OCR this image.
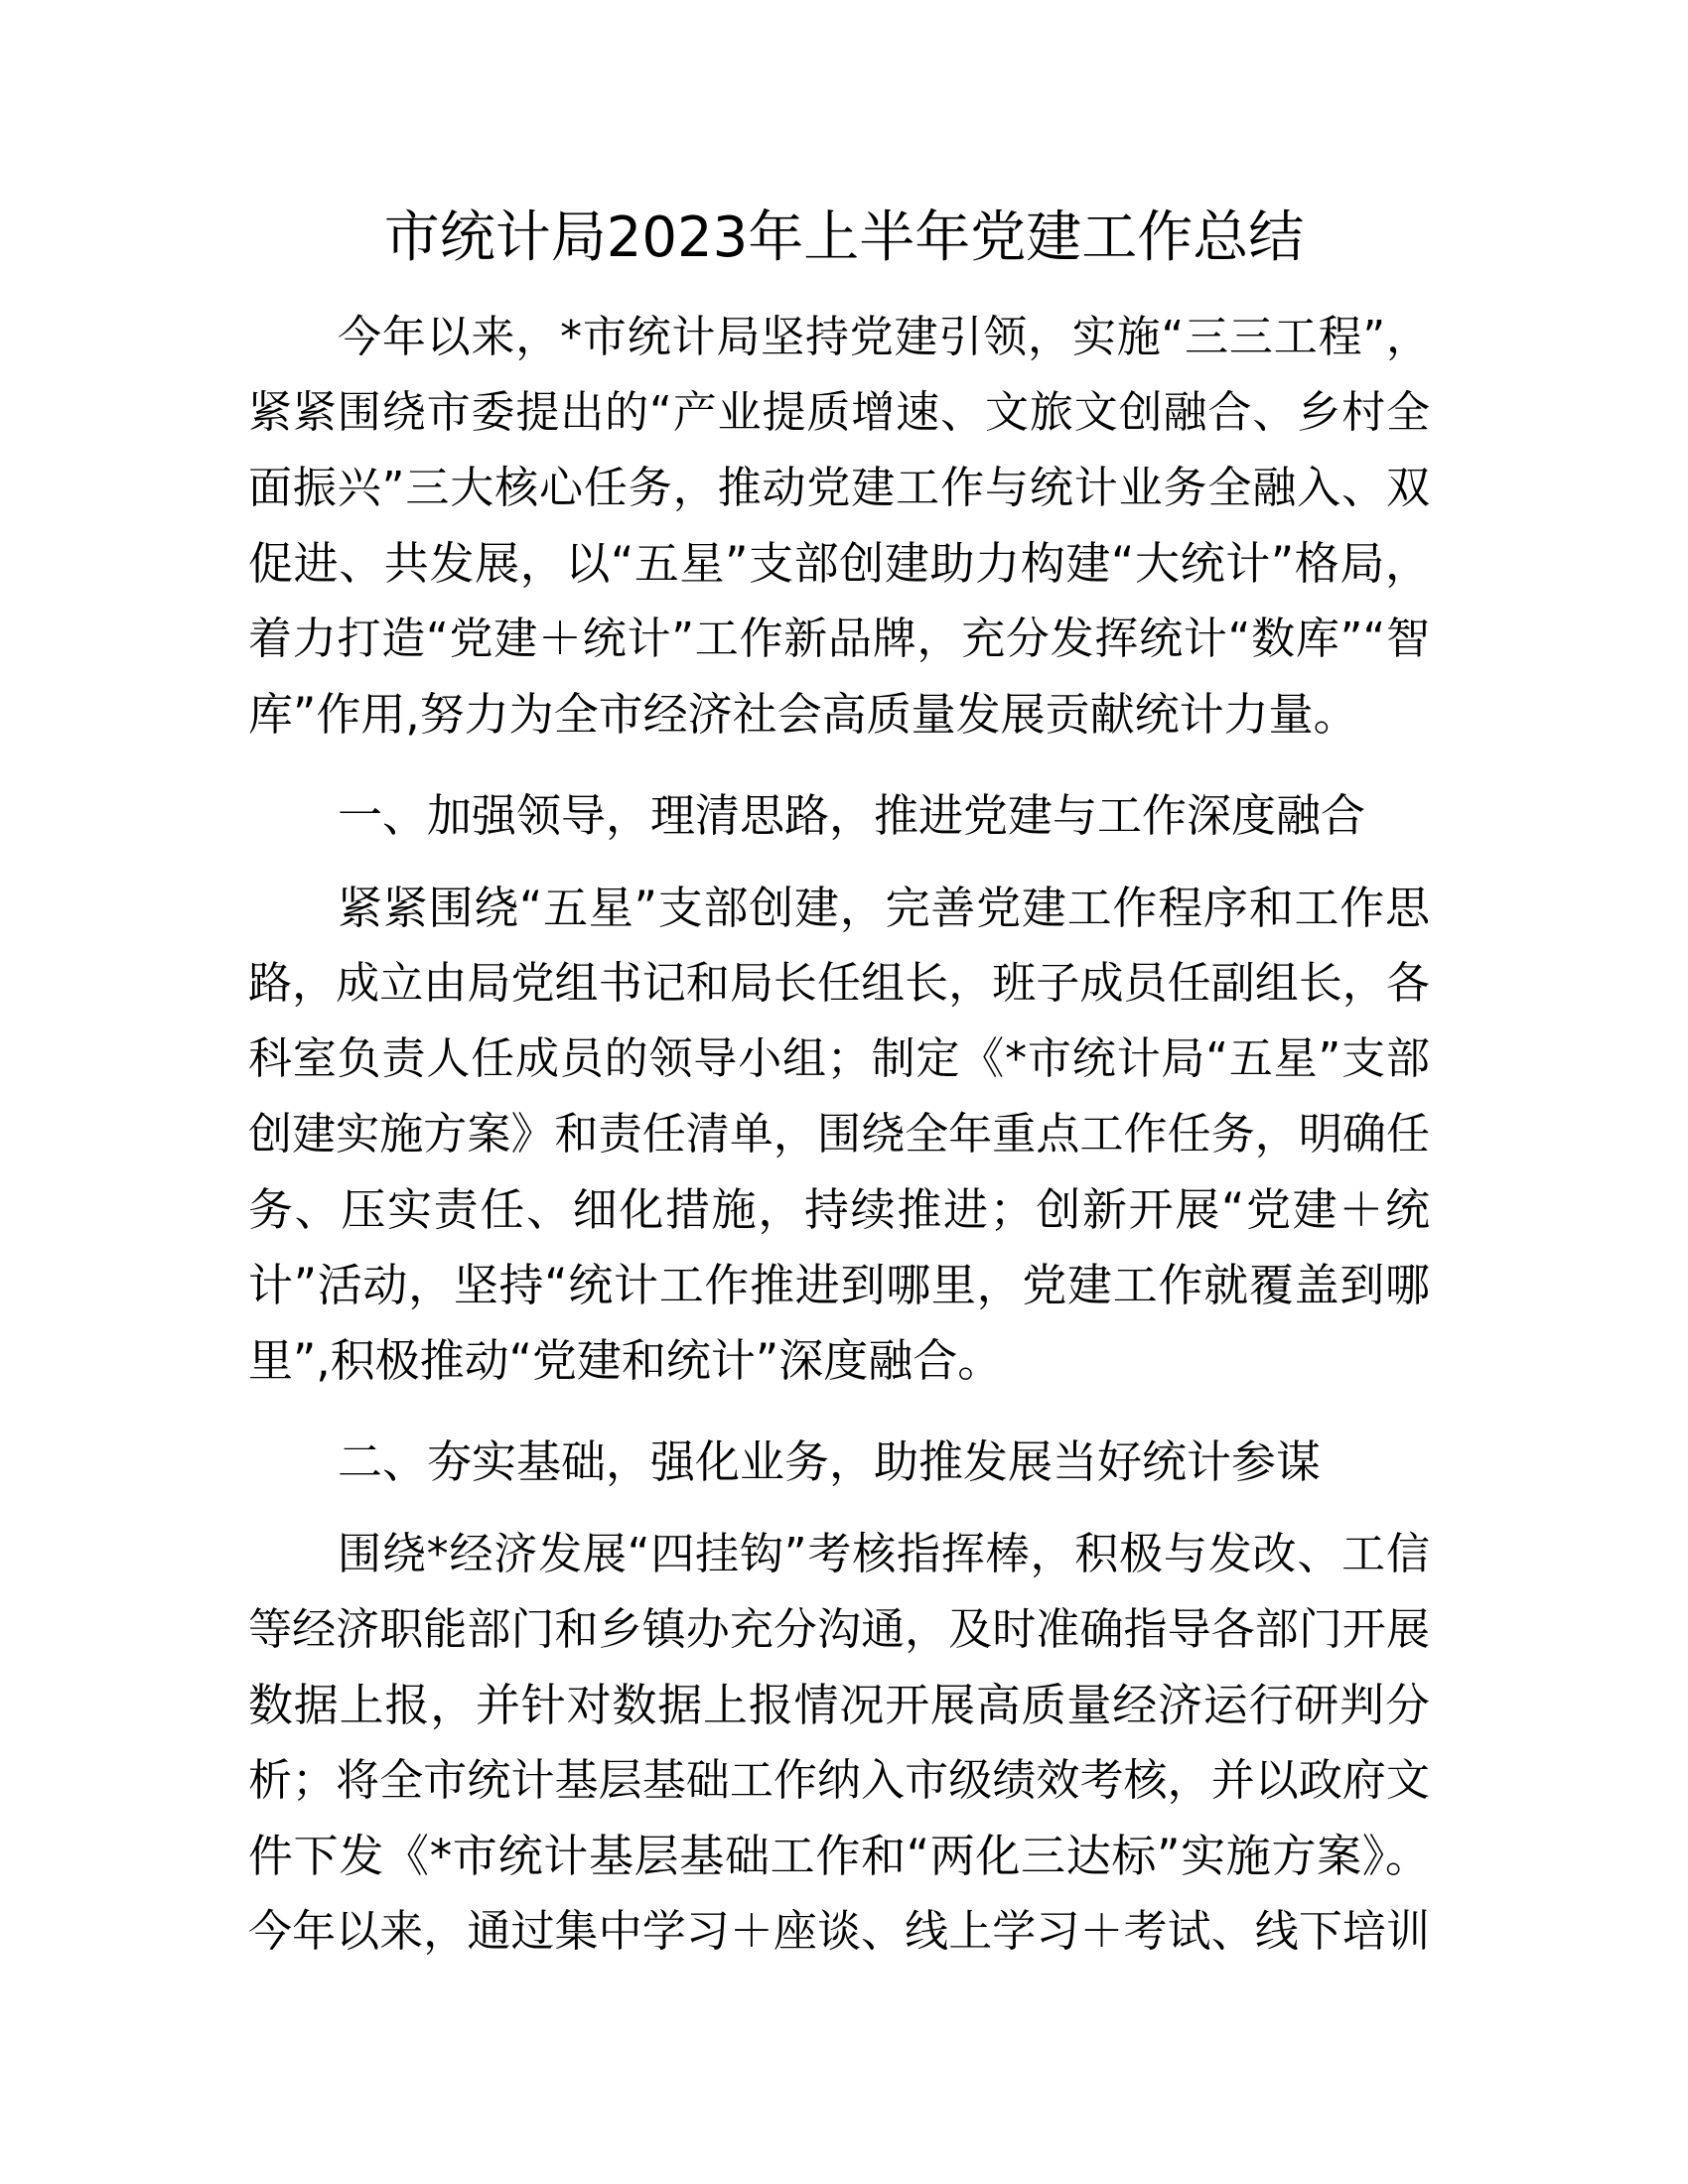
市统计局2023年上半年党建工作总结
今年以来，*市统计局坚持党建引领，实施“三三工程”，
紧紧围绕市委提出的“产业提质增速、文旅文创融合、乡村全
面振兴”三大核心任务，推动党建工作与统计业务全融入、双
促进、共发展，以“五星”支部创建助力构建“大统计”格局，
着力打造“党建＋统计”工作新品牌，充分发挥统计“数库”“智
库”作用,努力为全市经济社会高质量发展贡献统计力量。
一、加强领导，理清思路，推进党建与工作深度融合
紧紧围绕“五星”支部创建，完善党建工作程序和工作思
路，成立由局党组书记和局长任组长，班子成员任副组长，各
科室负责人任成员的领导小组；制定《*市统计局“五星”支部
创建实施方案》和责任清单，围绕全年重点工作任务，明确任
务、压实责任、细化措施，持续推进；创新开展“党建＋统
计”活动，坚持“统计工作推进到哪里，党建工作就覆盖到哪
里”,积极推动“党建和统计”深度融合。
二、夯实基础，强化业务，助推发展当好统计参谋
围绕*经济发展“四挂钩”考核指挥棒，积极与发改、工信
等经济职能部门和乡镇办充分沟通，及时准确指导各部门开展
数据上报，并针对数据上报情况开展高质量经济运行研判分
析；将全市统计基层基础工作纳入市级绩效考核，并以政府文
件下发《*市统计基层基础工作和“两化三达标”实施方案》。
今年以来，通过集中学习＋座谈、线上学习＋考试、线下培训
